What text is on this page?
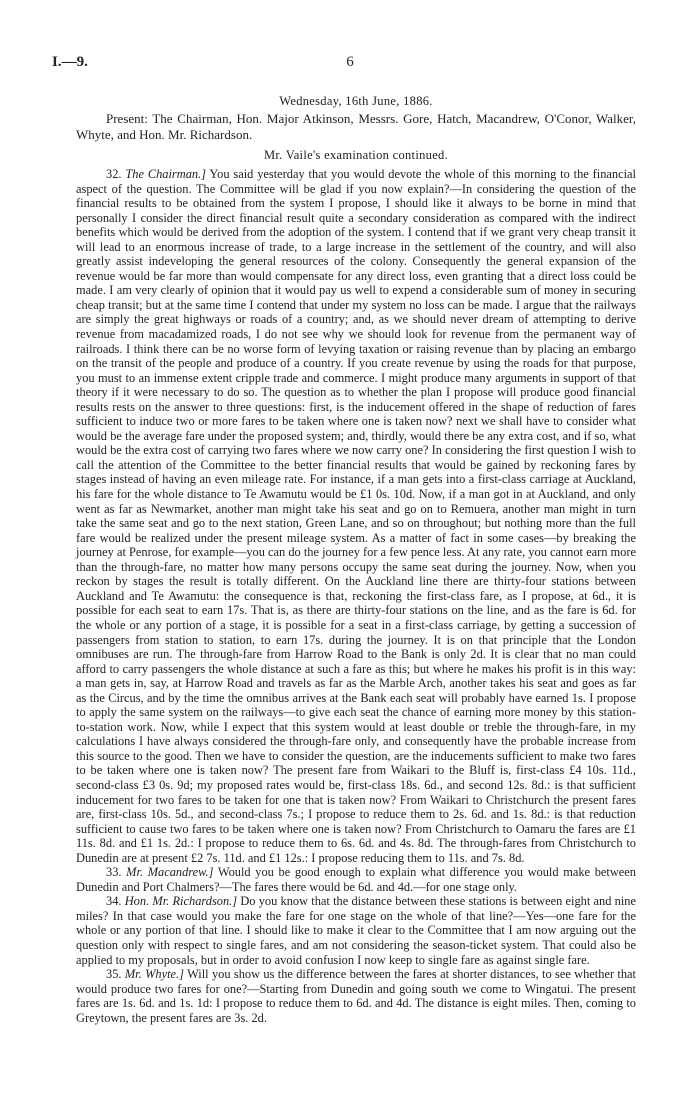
I.—9.	6
Wednesday, 16th June, 1886.
Present: The Chairman, Hon. Major Atkinson, Messrs. Gore, Hatch, Macandrew, O'Conor, Walker, Whyte, and Hon. Mr. Richardson.
Mr. Vaile's examination continued.

32. The Chairman.] You said yesterday that you would devote the whole of this morning to the financial aspect of the question. The Committee will be glad if you now explain?—In considering the question of the financial results to be obtained from the system I propose, I should like it always to be borne in mind that personally I consider the direct financial result quite a secondary consideration as compared with the indirect benefits which would be derived from the adoption of the system. I contend that if we grant very cheap transit it will lead to an enormous increase of trade, to a large increase in the settlement of the country, and will also greatly assist indeveloping the general resources of the colony. Consequently the general expansion of the revenue would be far more than would compensate for any direct loss, even granting that a direct loss could be made. I am very clearly of opinion that it would pay us well to expend a considerable sum of money in securing cheap transit; but at the same time I contend that under my system no loss can be made. I argue that the railways are simply the great highways or roads of a country; and, as we should never dream of attempting to derive revenue from macadamized roads, I do not see why we should look for revenue from the permanent way of railroads. I think there can be no worse form of levying taxation or raising revenue than by placing an embargo on the transit of the people and produce of a country. If you create revenue by using the roads for that purpose, you must to an immense extent cripple trade and commerce. I might produce many arguments in support of that theory if it were necessary to do so. The question as to whether the plan I propose will produce good financial results rests on the answer to three questions: first, is the inducement offered in the shape of reduction of fares sufficient to induce two or more fares to be taken where one is taken now? next we shall have to consider what would be the average fare under the proposed system; and, thirdly, would there be any extra cost, and if so, what would be the extra cost of carrying two fares where we now carry one? In considering the first question I wish to call the attention of the Committee to the better financial results that would be gained by reckoning fares by stages instead of having an even mileage rate. For instance, if a man gets into a first-class carriage at Auckland, his fare for the whole distance to Te Awamutu would be £1 0s. 10d. Now, if a man got in at Auckland, and only went as far as Newmarket, another man might take his seat and go on to Remuera, another man might in turn take the same seat and go to the next station, Green Lane, and so on throughout; but nothing more than the full fare would be realized under the present mileage system. As a matter of fact in some cases—by breaking the journey at Penrose, for example—you can do the journey for a few pence less. At any rate, you cannot earn more than the through-fare, no matter how many persons occupy the same seat during the journey. Now, when you reckon by stages the result is totally different. On the Auckland line there are thirty-four stations between Auckland and Te Awamutu: the consequence is that, reckoning the first-class fare, as I propose, at 6d., it is possible for each seat to earn 17s. That is, as there are thirty-four stations on the line, and as the fare is 6d. for the whole or any portion of a stage, it is possible for a seat in a first-class carriage, by getting a succession of passengers from station to station, to earn 17s. during the journey. It is on that principle that the London omnibuses are run. The through-fare from Harrow Road to the Bank is only 2d. It is clear that no man could afford to carry passengers the whole distance at such a fare as this; but where he makes his profit is in this way: a man gets in, say, at Harrow Road and travels as far as the Marble Arch, another takes his seat and goes as far as the Circus, and by the time the omnibus arrives at the Bank each seat will probably have earned 1s. I propose to apply the same system on the railways—to give each seat the chance of earning more money by this station-to-station work. Now, while I expect that this system would at least double or treble the through-fare, in my calculations I have always considered the through-fare only, and consequently have the probable increase from this source to the good. Then we have to consider the question, are the inducements sufficient to make two fares to be taken where one is taken now? The present fare from Waikari to the Bluff is, first-class £4 10s. 11d., second-class £3 0s. 9d; my proposed rates would be, first-class 18s. 6d., and second 12s. 8d.: is that sufficient inducement for two fares to be taken for one that is taken now? From Waikari to Christchurch the present fares are, first-class 10s. 5d., and second-class 7s.; I propose to reduce them to 2s. 6d. and 1s. 8d.: is that reduction sufficient to cause two fares to be taken where one is taken now? From Christchurch to Oamaru the fares are £1 11s. 8d. and £1 1s. 2d.: I propose to reduce them to 6s. 6d. and 4s. 8d. The through-fares from Christchurch to Dunedin are at present £2 7s. 11d. and £1 12s.: I propose reducing them to 11s. and 7s. 8d.

33. Mr. Macandrew.] Would you be good enough to explain what difference you would make between Dunedin and Port Chalmers?—The fares there would be 6d. and 4d.—for one stage only.

34. Hon. Mr. Richardson.] Do you know that the distance between these stations is between eight and nine miles? In that case would you make the fare for one stage on the whole of that line?—Yes—one fare for the whole or any portion of that line. I should like to make it clear to the Committee that I am now arguing out the question only with respect to single fares, and am not considering the season-ticket system. That could also be applied to my proposals, but in order to avoid confusion I now keep to single fare as against single fare.

35. Mr. Whyte.] Will you show us the difference between the fares at shorter distances, to see whether that would produce two fares for one?—Starting from Dunedin and going south we come to Wingatui. The present fares are 1s. 6d. and 1s. 1d: I propose to reduce them to 6d. and 4d. The distance is eight miles. Then, coming to Greytown, the present fares are 3s. 2d.
